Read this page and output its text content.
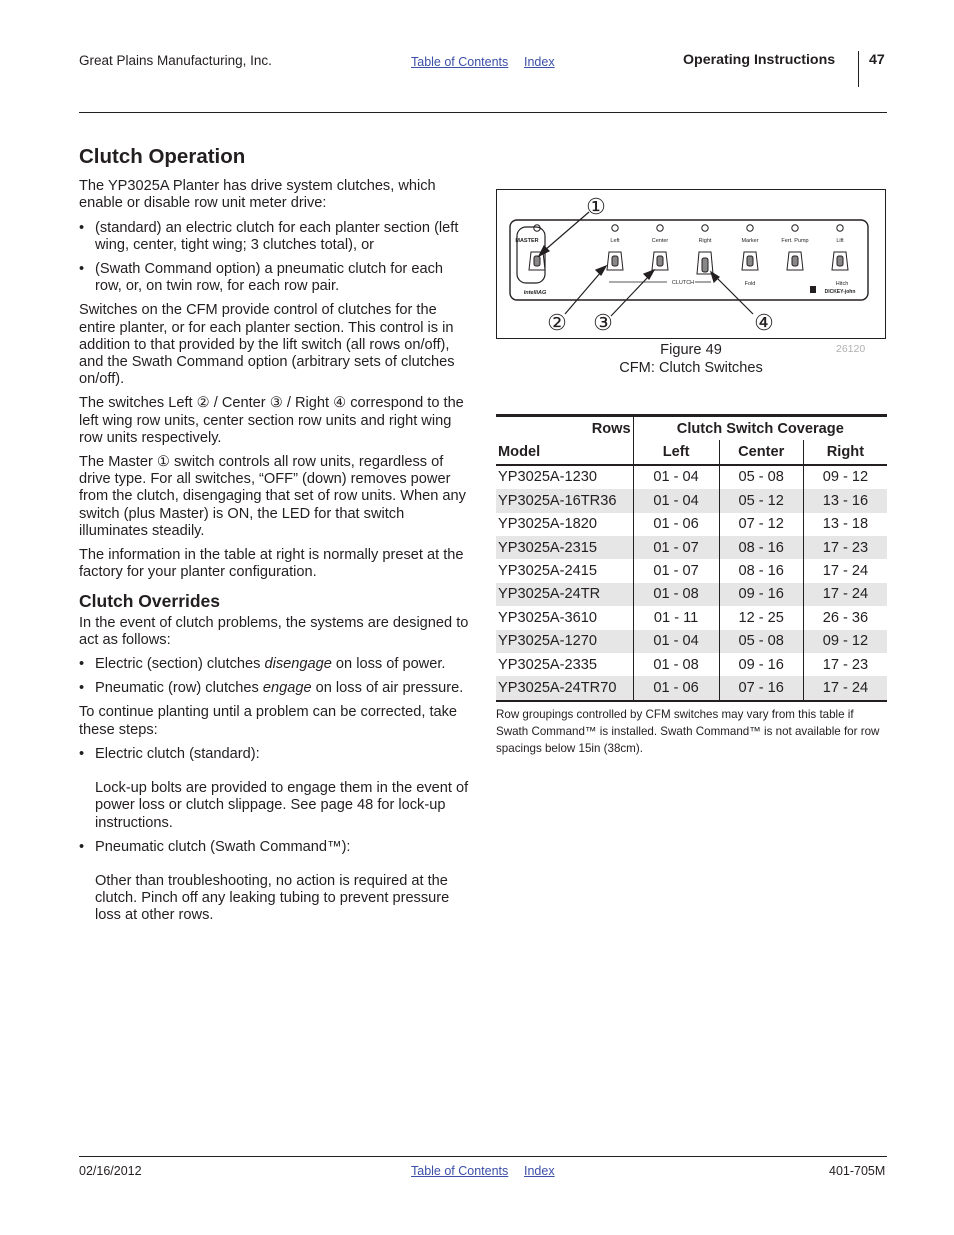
Great Plains Manufacturing, Inc.	Table of Contents Index	Operating Instructions 47
Clutch Operation

The YP3025A Planter has drive system clutches, which enable or disable row unit meter drive:

• (standard) an electric clutch for each planter section (left wing, center, tight wing; 3 clutches total), or
• (Swath Command option) a pneumatic clutch for each row, or, on twin row, for each row pair.

Switches on the CFM provide control of clutches for the entire planter, or for each planter section. This control is in addition to that provided by the lift switch (all rows on/off), and the Swath Command option (arbitrary sets of clutches on/off).

The switches Left ② / Center ③ / Right ④ correspond to the left wing row units, center section row units and right wing row units respectively.

The Master ① switch controls all row units, regardless of drive type. For all switches, “OFF” (down) removes power from the clutch, disengaging that set of row units. When any switch (plus Master) is ON, the LED for that switch illuminates steadily.

The information in the table at right is normally preset at the factory for your planter configuration.

Clutch Overrides

In the event of clutch problems, the systems are designed to act as follows:

• Electric (section) clutches disengage on loss of power.
• Pneumatic (row) clutches engage on loss of air pressure.

To continue planting until a problem can be corrected, take these steps:

• Electric clutch (standard):
Lock-up bolts are provided to engage them in the event of power loss or clutch slippage. See page 48 for lock-up instructions.
• Pneumatic clutch (Swath Command™):
Other than troubleshooting, no action is required at the clutch. Pinch off any leaking tubing to prevent pressure loss at other rows.
MASTER	Left	Center	Right	Marker	Fert. Pump	Lift
CLUTCH	Fold	Hitch
IntelliAG	DICKEY-john
①
② ③	④
26120
Figure 49
CFM: Clutch Switches
Rows	Clutch Switch Coverage		
Model	Left	Center	Right
YP3025A-1230	01 - 04	05 - 08	09 - 12
YP3025A-16TR36	01 - 04	05 - 12	13 - 16
YP3025A-1820	01 - 06	07 - 12	13 - 18
YP3025A-2315	01 - 07	08 - 16	17 - 23
YP3025A-2415	01 - 07	08 - 16	17 - 24
YP3025A-24TR	01 - 08	09 - 16	17 - 24
YP3025A-3610	01 - 11	12 - 25	26 - 36
YP3025A-1270	01 - 04	05 - 08	09 - 12
YP3025A-2335	01 - 08	09 - 16	17 - 23
YP3025A-24TR70	01 - 06	07 - 16	17 - 24
Row groupings controlled by CFM switches may vary from this table if Swath Command™ is installed. Swath Command™ is not available for row spacings below 15in (38cm).
02/16/2012	Table of Contents Index	401-705M
